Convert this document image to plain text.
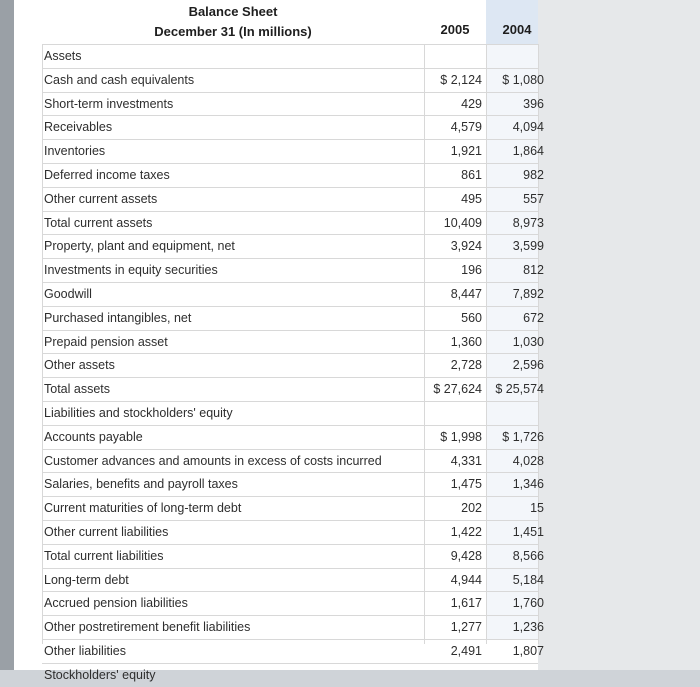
Balance Sheet
December 31 (In millions)	2005	2004
Assets
Cash and cash equivalents	$ 2,124	$ 1,080
Short-term investments	429	396
Receivables	4,579	4,094
Inventories	1,921	1,864
Deferred income taxes	861	982
Other current assets	495	557
Total current assets	10,409	8,973
Property, plant and equipment, net	3,924	3,599
Investments in equity securities	196	812
Goodwill	8,447	7,892
Purchased intangibles, net	560	672
Prepaid pension asset	1,360	1,030
Other assets	2,728	2,596
Total assets	$ 27,624	$ 25,574
Liabilities and stockholders' equity
Accounts payable	$ 1,998	$ 1,726
Customer advances and amounts in excess of costs incurred	4,331	4,028
Salaries, benefits and payroll taxes	1,475	1,346
Current maturities of long-term debt	202	15
Other current liabilities	1,422	1,451
Total current liabilities	9,428	8,566
Long-term debt	4,944	5,184
Accrued pension liabilities	1,617	1,760
Other postretirement benefit liabilities	1,277	1,236
Other liabilities	2,491	1,807
Stockholders' equity
